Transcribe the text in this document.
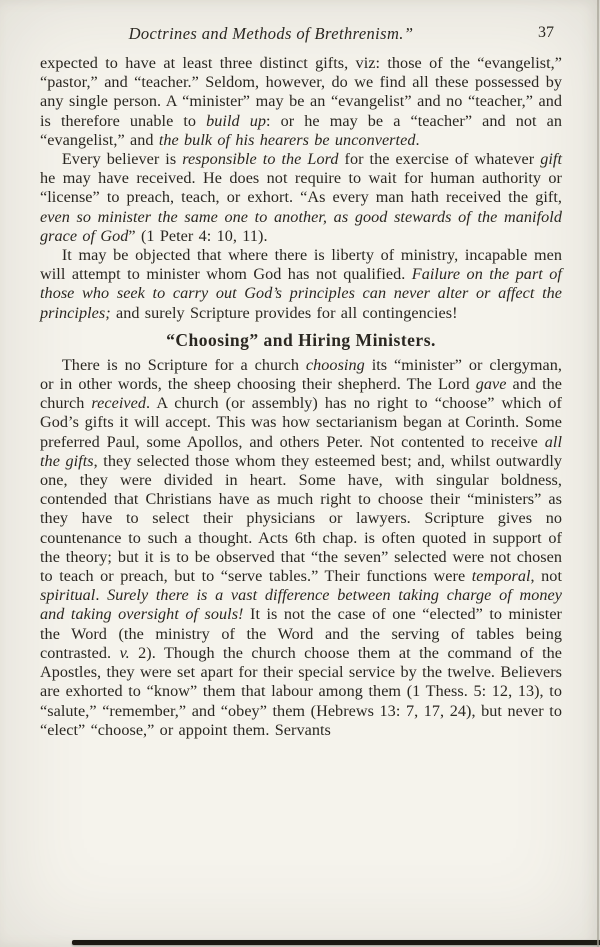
Doctrines and Methods of Brethrenism.”	37

expected to have at least three distinct gifts, viz: those of the “evangelist,” “pastor,” and “teacher.” Seldom, however, do we find all these possessed by any single person. A “minister” may be an “evangelist” and no “teacher,” and is therefore unable to build up: or he may be a “teacher” and not an “evangelist,” and the bulk of his hearers be unconverted.

Every believer is responsible to the Lord for the exercise of whatever gift he may have received. He does not require to wait for human authority or “license” to preach, teach, or exhort. “As every man hath received the gift, even so minister the same one to another, as good stewards of the manifold grace of God” (1 Peter 4: 10, 11).

It may be objected that where there is liberty of ministry, incapable men will attempt to minister whom God has not qualified. Failure on the part of those who seek to carry out God’s principles can never alter or affect the principles; and surely Scripture provides for all contingencies!

“Choosing” and Hiring Ministers.

There is no Scripture for a church choosing its “minister” or clergyman, or in other words, the sheep choosing their shepherd. The Lord gave and the church received. A church (or assembly) has no right to “choose” which of God’s gifts it will accept. This was how sectarianism began at Corinth. Some preferred Paul, some Apollos, and others Peter. Not contented to receive all the gifts, they selected those whom they esteemed best; and, whilst outwardly one, they were divided in heart. Some have, with singular boldness, contended that Christians have as much right to choose their “ministers” as they have to select their physicians or lawyers. Scripture gives no countenance to such a thought. Acts 6th chap. is often quoted in support of the theory; but it is to be observed that “the seven” selected were not chosen to teach or preach, but to “serve tables.” Their functions were temporal, not spiritual. Surely there is a vast difference between taking charge of money and taking oversight of souls! It is not the case of one “elected” to minister the Word (the ministry of the Word and the serving of tables being contrasted. v. 2). Though the church choose them at the command of the Apostles, they were set apart for their special service by the twelve. Believers are exhorted to “know” them that labour among them (1 Thess. 5: 12, 13), to “salute,” “remember,” and “obey” them (Hebrews 13: 7, 17, 24), but never to “elect” “choose,” or appoint them. Servants
